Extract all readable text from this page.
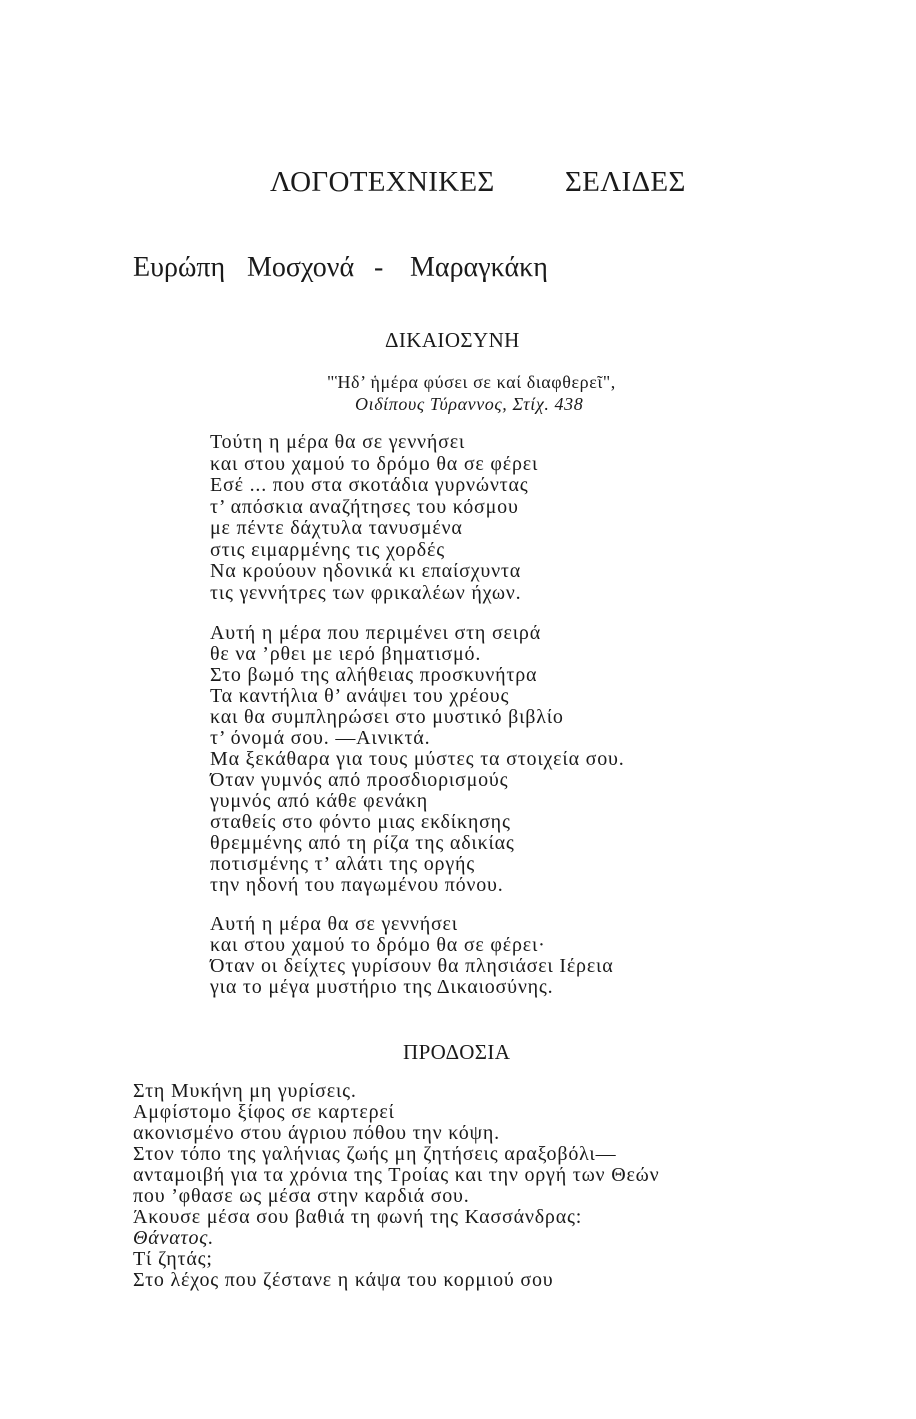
ΛΟΓΟΤΕΧΝΙΚΕΣ ΣΕΛΙΔΕΣ
Ευρώπη Μοσχονά - Μαραγκάκη
ΔΙΚΑΙΟΣΥΝΗ
"Ἡδ’ ἡμέρα φύσει σε καί διαφθερεῖ",
Οιδίπους Τύραννος, Στίχ. 438
Τούτη η μέρα θα σε γεννήσει
και στου χαμού το δρόμο θα σε φέρει
Εσέ ... που στα σκοτάδια γυρνώντας
τ’ απόσκια αναζήτησες του κόσμου
με πέντε δάχτυλα τανυσμένα
στις ειμαρμένης τις χορδές
Να κρούουν ηδονικά κι επαίσχυντα
τις γεννήτρες των φρικαλέων ήχων.
Αυτή η μέρα που περιμένει στη σειρά
θε να ’ρθει με ιερό βηματισμό.
Στο βωμό της αλήθειας προσκυνήτρα
Τα καντήλια θ’ ανάψει του χρέους
και θα συμπληρώσει στο μυστικό βιβλίο
τ’ όνομά σου. —Αινικτά.
Μα ξεκάθαρα για τους μύστες τα στοιχεία σου.
Όταν γυμνός από προσδιορισμούς
γυμνός από κάθε φενάκη
σταθείς στο φόντο μιας εκδίκησης
θρεμμένης από τη ρίζα της αδικίας
ποτισμένης τ’ αλάτι της οργής
την ηδονή του παγωμένου πόνου.
Αυτή η μέρα θα σε γεννήσει
και στου χαμού το δρόμο θα σε φέρει·
Όταν οι δείχτες γυρίσουν θα πλησιάσει Ιέρεια
για το μέγα μυστήριο της Δικαιοσύνης.
ΠΡΟΔΟΣΙΑ
Στη Μυκήνη μη γυρίσεις.
Αμφίστομο ξίφος σε καρτερεί
ακονισμένο στου άγριου πόθου την κόψη.
Στον τόπο της γαλήνιας ζωής μη ζητήσεις αραξοβόλι—
ανταμοιβή για τα χρόνια της Τροίας και την οργή των Θεών
που ’φθασε ως μέσα στην καρδιά σου.
Άκουσε μέσα σου βαθιά τη φωνή της Κασσάνδρας:
Θάνατος.
Τί ζητάς;
Στο λέχος που ζέστανε η κάψα του κορμιού σου
